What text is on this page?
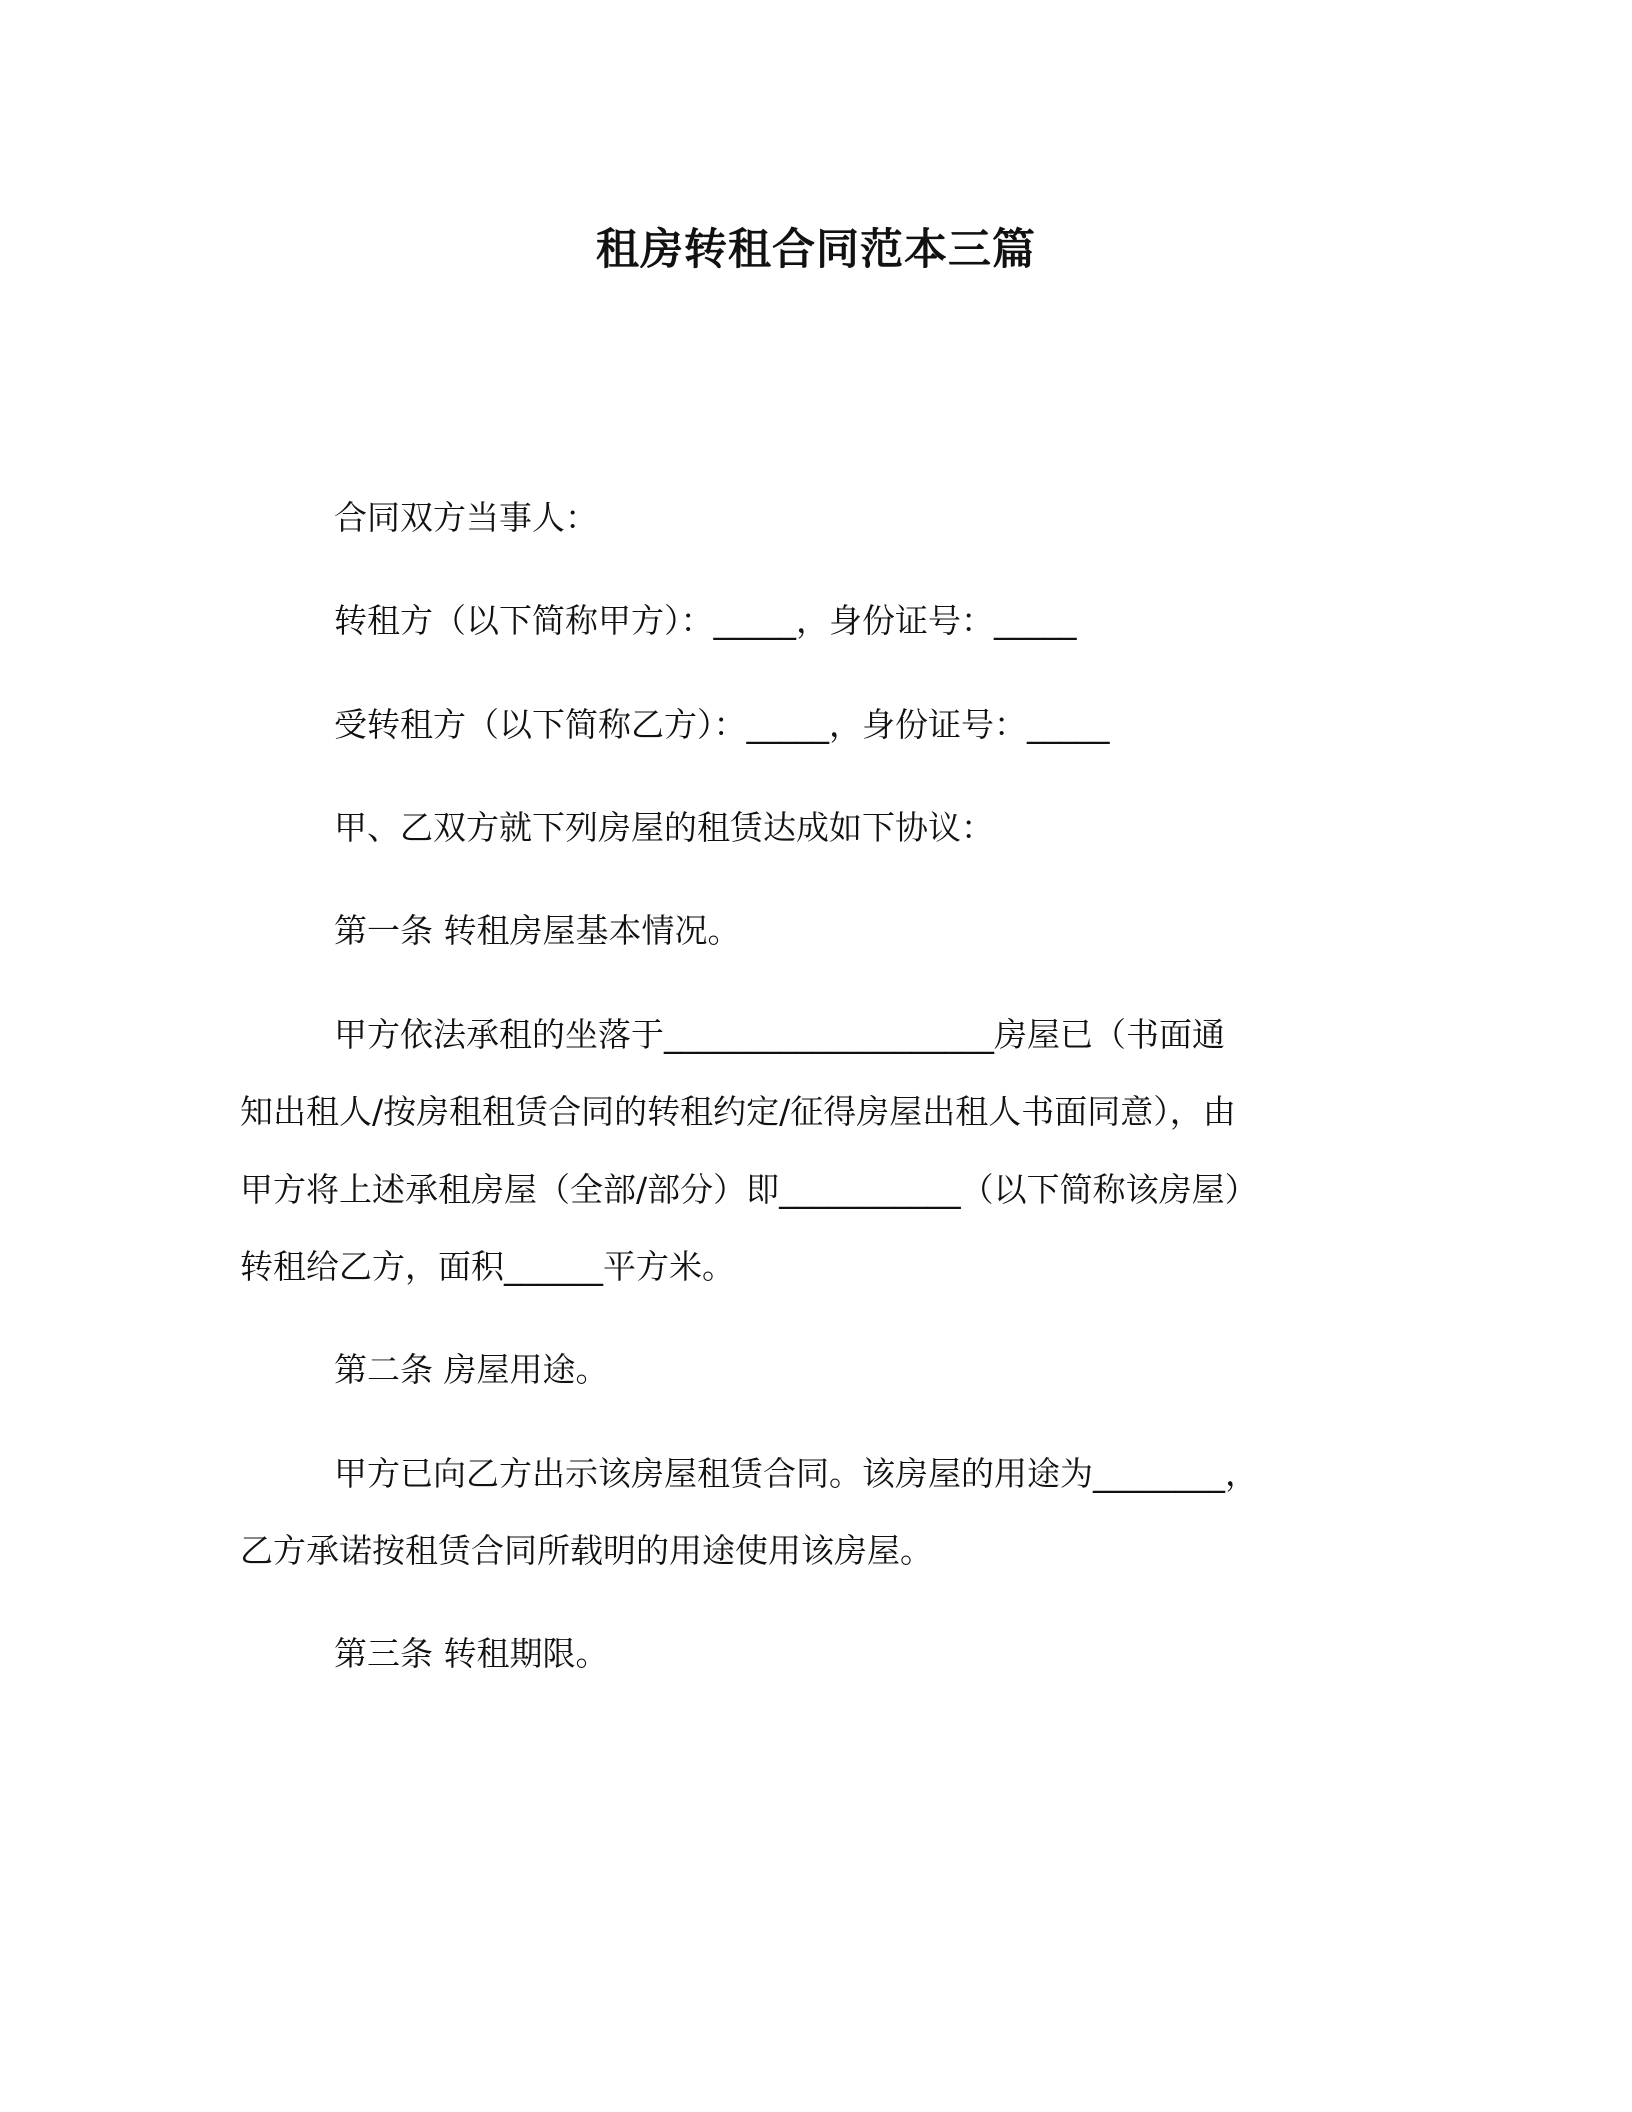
租房转租合同范本三篇
合同双方当事人：
转租方（以下简称甲方）：_____，身份证号：_____
受转租方（以下简称乙方）：_____，身份证号：_____
甲、乙双方就下列房屋的租赁达成如下协议：
第一条 转租房屋基本情况。
甲方依法承租的坐落于____________________房屋已（书面通
知出租人/按房租租赁合同的转租约定/征得房屋出租人书面同意），由
甲方将上述承租房屋（全部/部分）即___________（以下简称该房屋）
转租给乙方，面积______平方米。
第二条 房屋用途。
甲方已向乙方出示该房屋租赁合同。该房屋的用途为________，
乙方承诺按租赁合同所载明的用途使用该房屋。
第三条 转租期限。
